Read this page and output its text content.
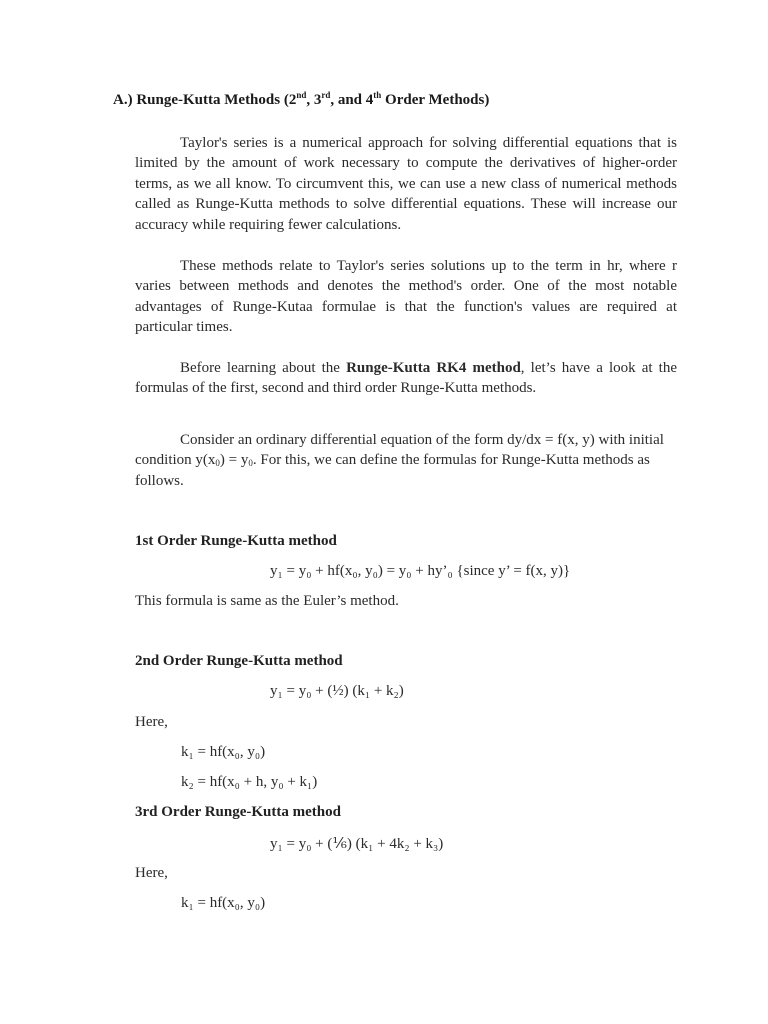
A.) Runge-Kutta Methods (2nd, 3rd, and 4th Order Methods)
Taylor's series is a numerical approach for solving differential equations that is limited by the amount of work necessary to compute the derivatives of higher-order terms, as we all know. To circumvent this, we can use a new class of numerical methods called as Runge-Kutta methods to solve differential equations. These will increase our accuracy while requiring fewer calculations.
These methods relate to Taylor's series solutions up to the term in hr, where r varies between methods and denotes the method's order. One of the most notable advantages of Runge-Kutaa formulae is that the function's values are required at particular times.
Before learning about the Runge-Kutta RK4 method, let’s have a look at the formulas of the first, second and third order Runge-Kutta methods.
Consider an ordinary differential equation of the form dy/dx = f(x, y) with initial condition $y(x_0) = y_0$. For this, we can define the formulas for Runge-Kutta methods as follows.
1st Order Runge-Kutta method
y₁ = y₀ + hf(x₀, y₀) = y₀ + hy’₀ {since y’ = f(x, y)}
This formula is same as the Euler’s method.
2nd Order Runge-Kutta method
y₁ = y₀ + (½) (k₁ + k₂)
Here,
k₁ = hf(x₀, y₀)
k₂ = hf(x₀ + h, y₀ + k₁)
3rd Order Runge-Kutta method
y₁ = y₀ + (⅙) (k₁ + 4k₂ + k₃)
Here,
k₁ = hf(x₀, y₀)
